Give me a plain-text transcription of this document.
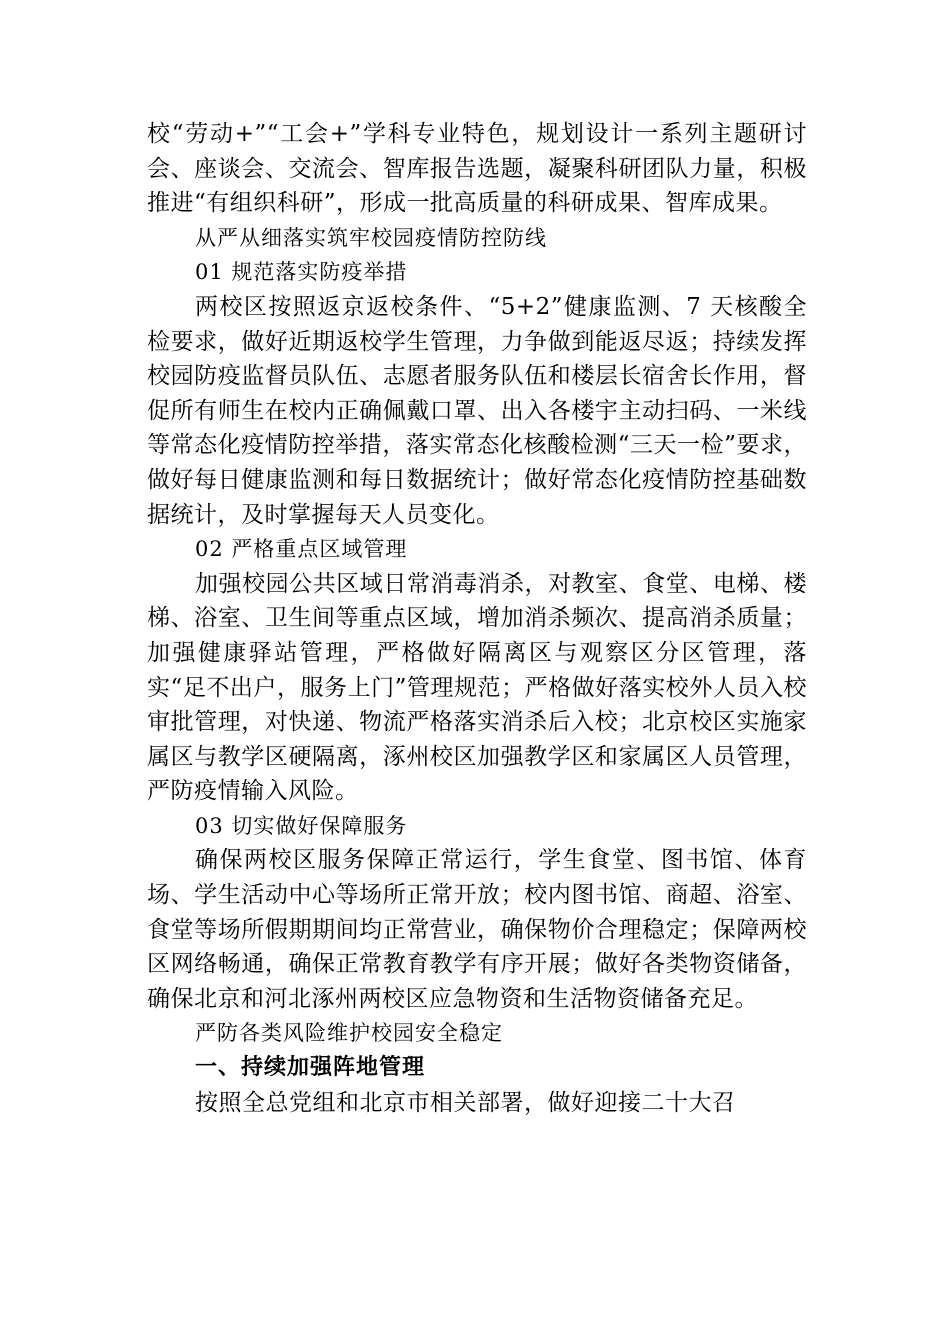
校“劳动+”“工会+”学科专业特色，规划设计一系列主题研讨会、座谈会、交流会、智库报告选题，凝聚科研团队力量，积极推进“有组织科研”，形成一批高质量的科研成果、智库成果。

从严从细落实筑牢校园疫情防控防线

01 规范落实防疫举措

两校区按照返京返校条件、“5+2”健康监测、7 天核酸全检要求，做好近期返校学生管理，力争做到能返尽返；持续发挥校园防疫监督员队伍、志愿者服务队伍和楼层长宿舍长作用，督促所有师生在校内正确佩戴口罩、出入各楼宇主动扫码、一米线等常态化疫情防控举措，落实常态化核酸检测“三天一检”要求，做好每日健康监测和每日数据统计；做好常态化疫情防控基础数据统计，及时掌握每天人员变化。

02 严格重点区域管理

加强校园公共区域日常消毒消杀，对教室、食堂、电梯、楼梯、浴室、卫生间等重点区域，增加消杀频次、提高消杀质量；加强健康驿站管理，严格做好隔离区与观察区分区管理，落实“足不出户，服务上门”管理规范；严格做好落实校外人员入校审批管理，对快递、物流严格落实消杀后入校；北京校区实施家属区与教学区硬隔离，涿州校区加强教学区和家属区人员管理，严防疫情输入风险。

03 切实做好保障服务

确保两校区服务保障正常运行，学生食堂、图书馆、体育场、学生活动中心等场所正常开放；校内图书馆、商超、浴室、食堂等场所假期期间均正常营业，确保物价合理稳定；保障两校区网络畅通，确保正常教育教学有序开展；做好各类物资储备，确保北京和河北涿州两校区应急物资和生活物资储备充足。

严防各类风险维护校园安全稳定

一、持续加强阵地管理

按照全总党组和北京市相关部署，做好迎接二十大召
